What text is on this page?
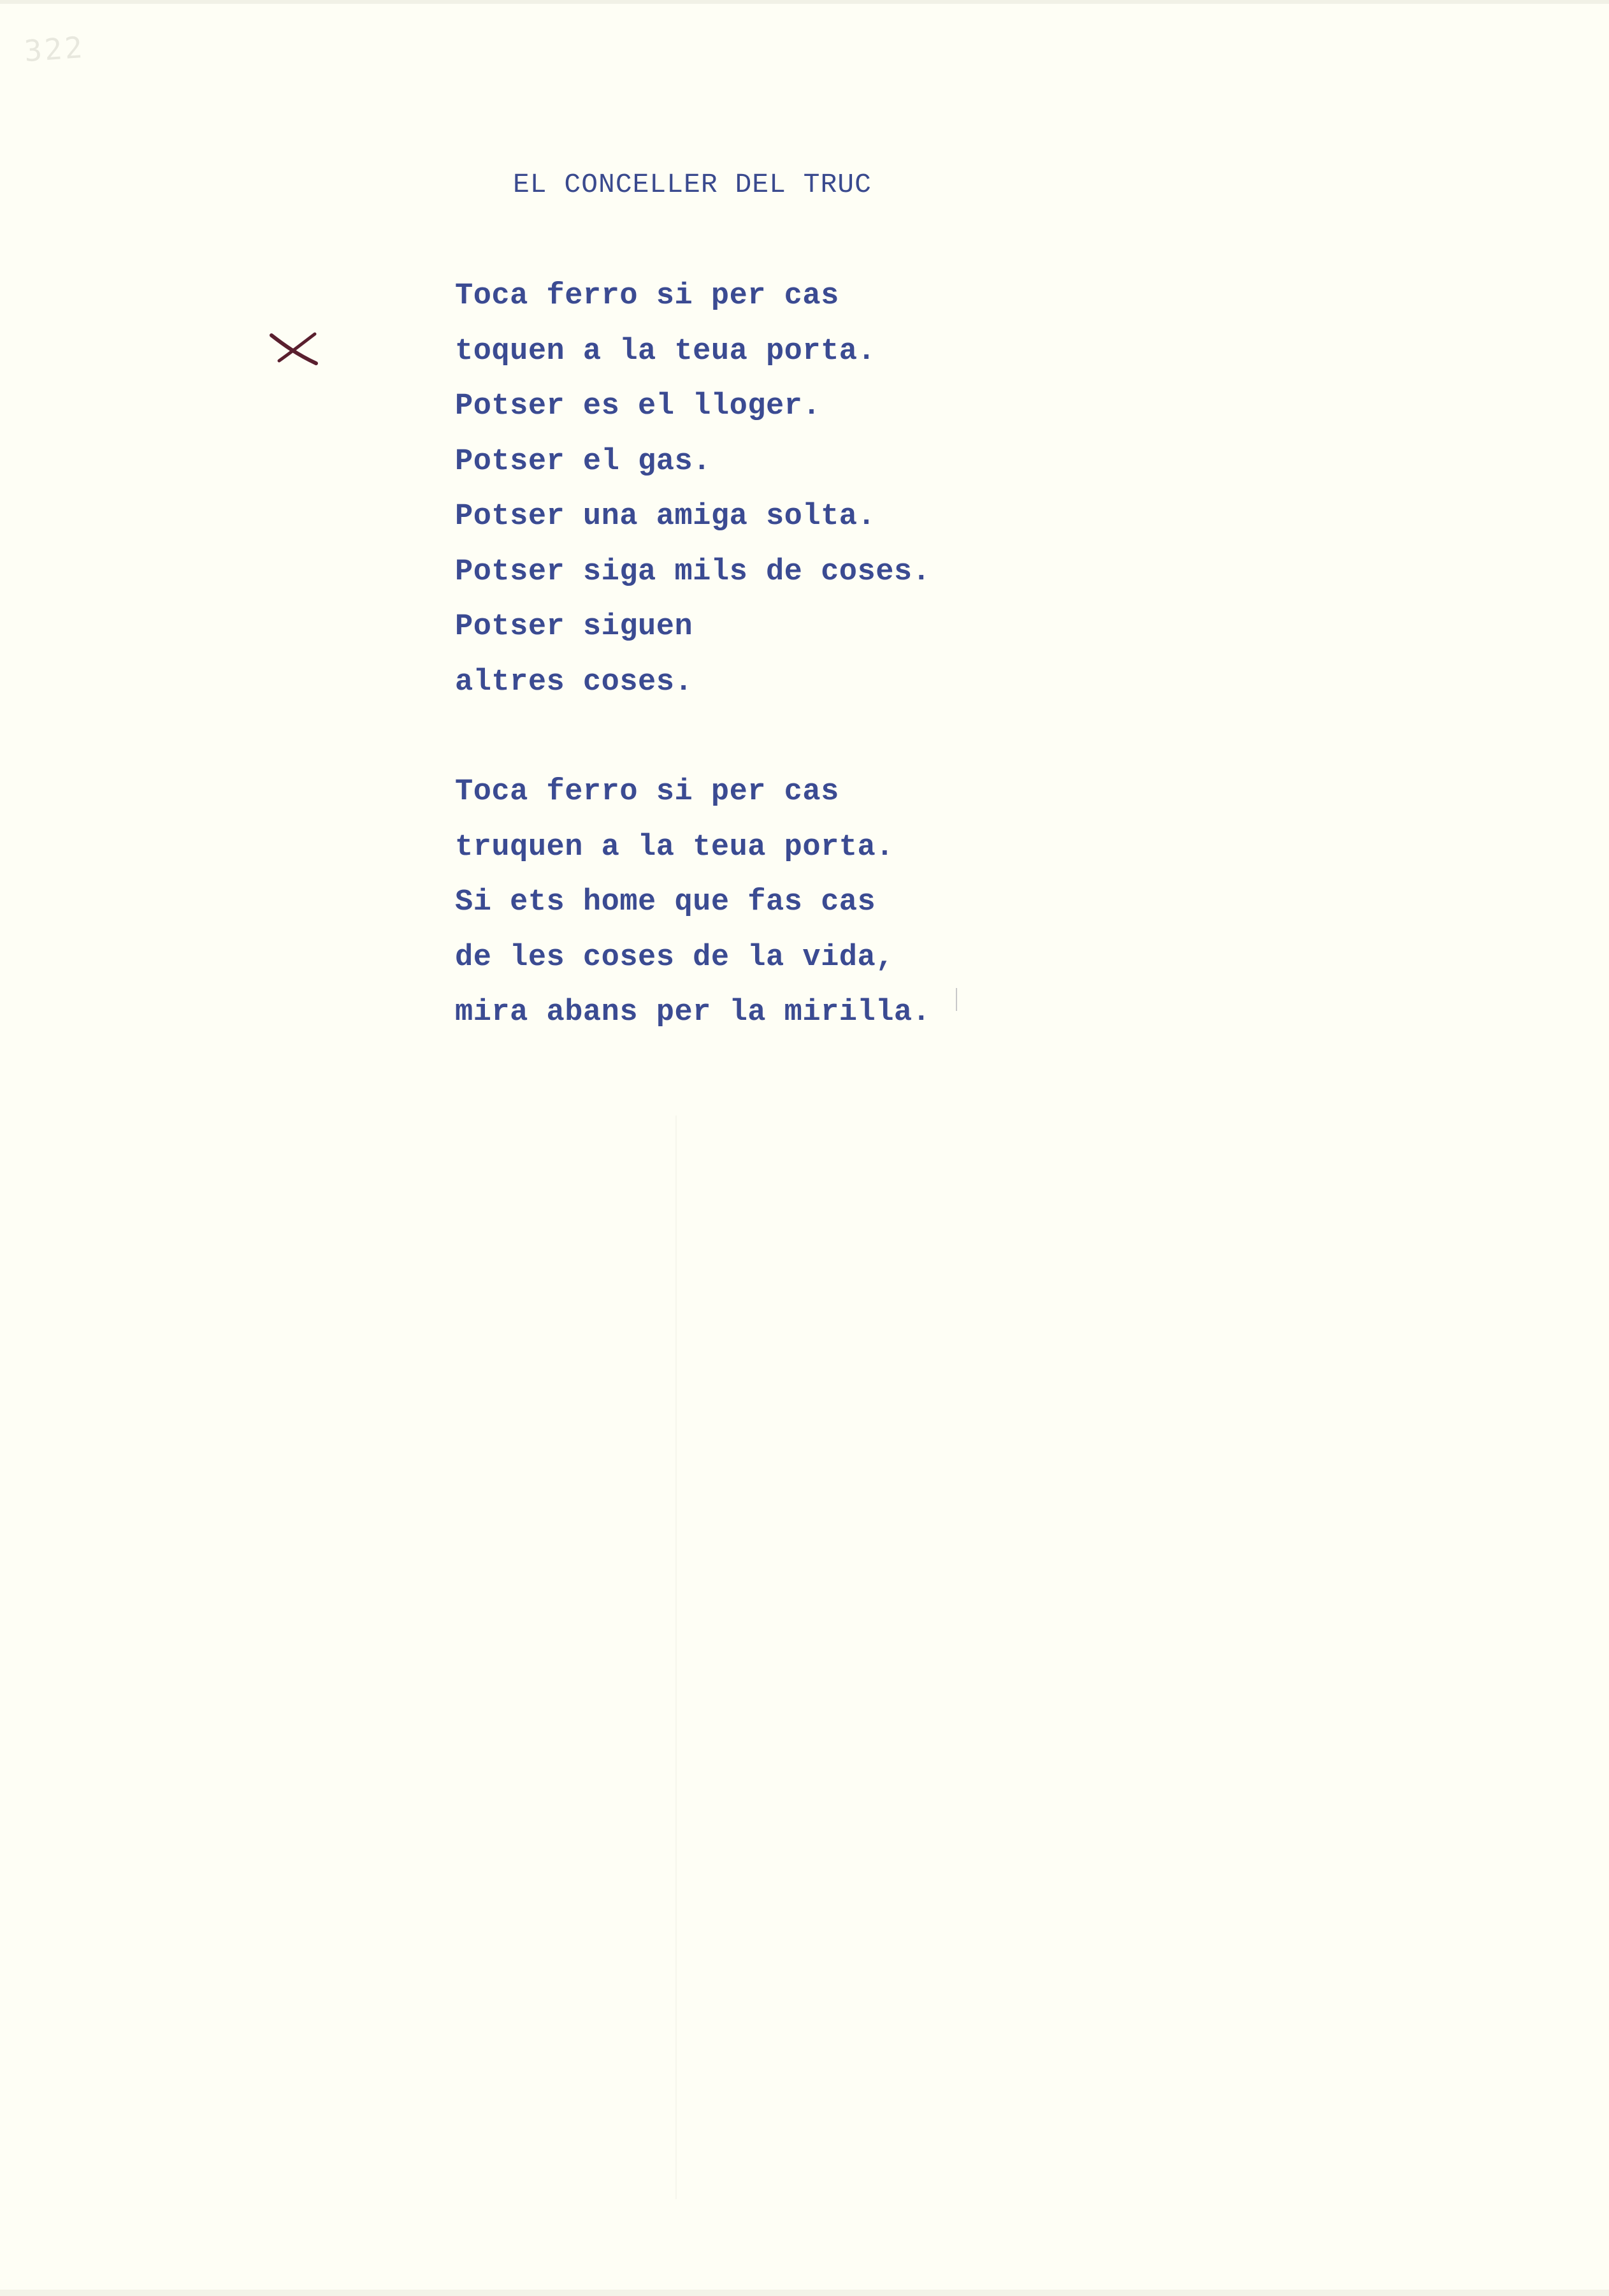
322
EL CONCELLER DEL TRUC
Toca ferro si per cas
toquen a la teua porta.
Potser es el lloger.
Potser el gas.
Potser una amiga solta.
Potser siga mils de coses.
Potser siguen
altres coses.
Toca ferro si per cas
truquen a la teua porta.
Si ets home que fas cas
de les coses de la vida,
mira abans per la mirilla.
